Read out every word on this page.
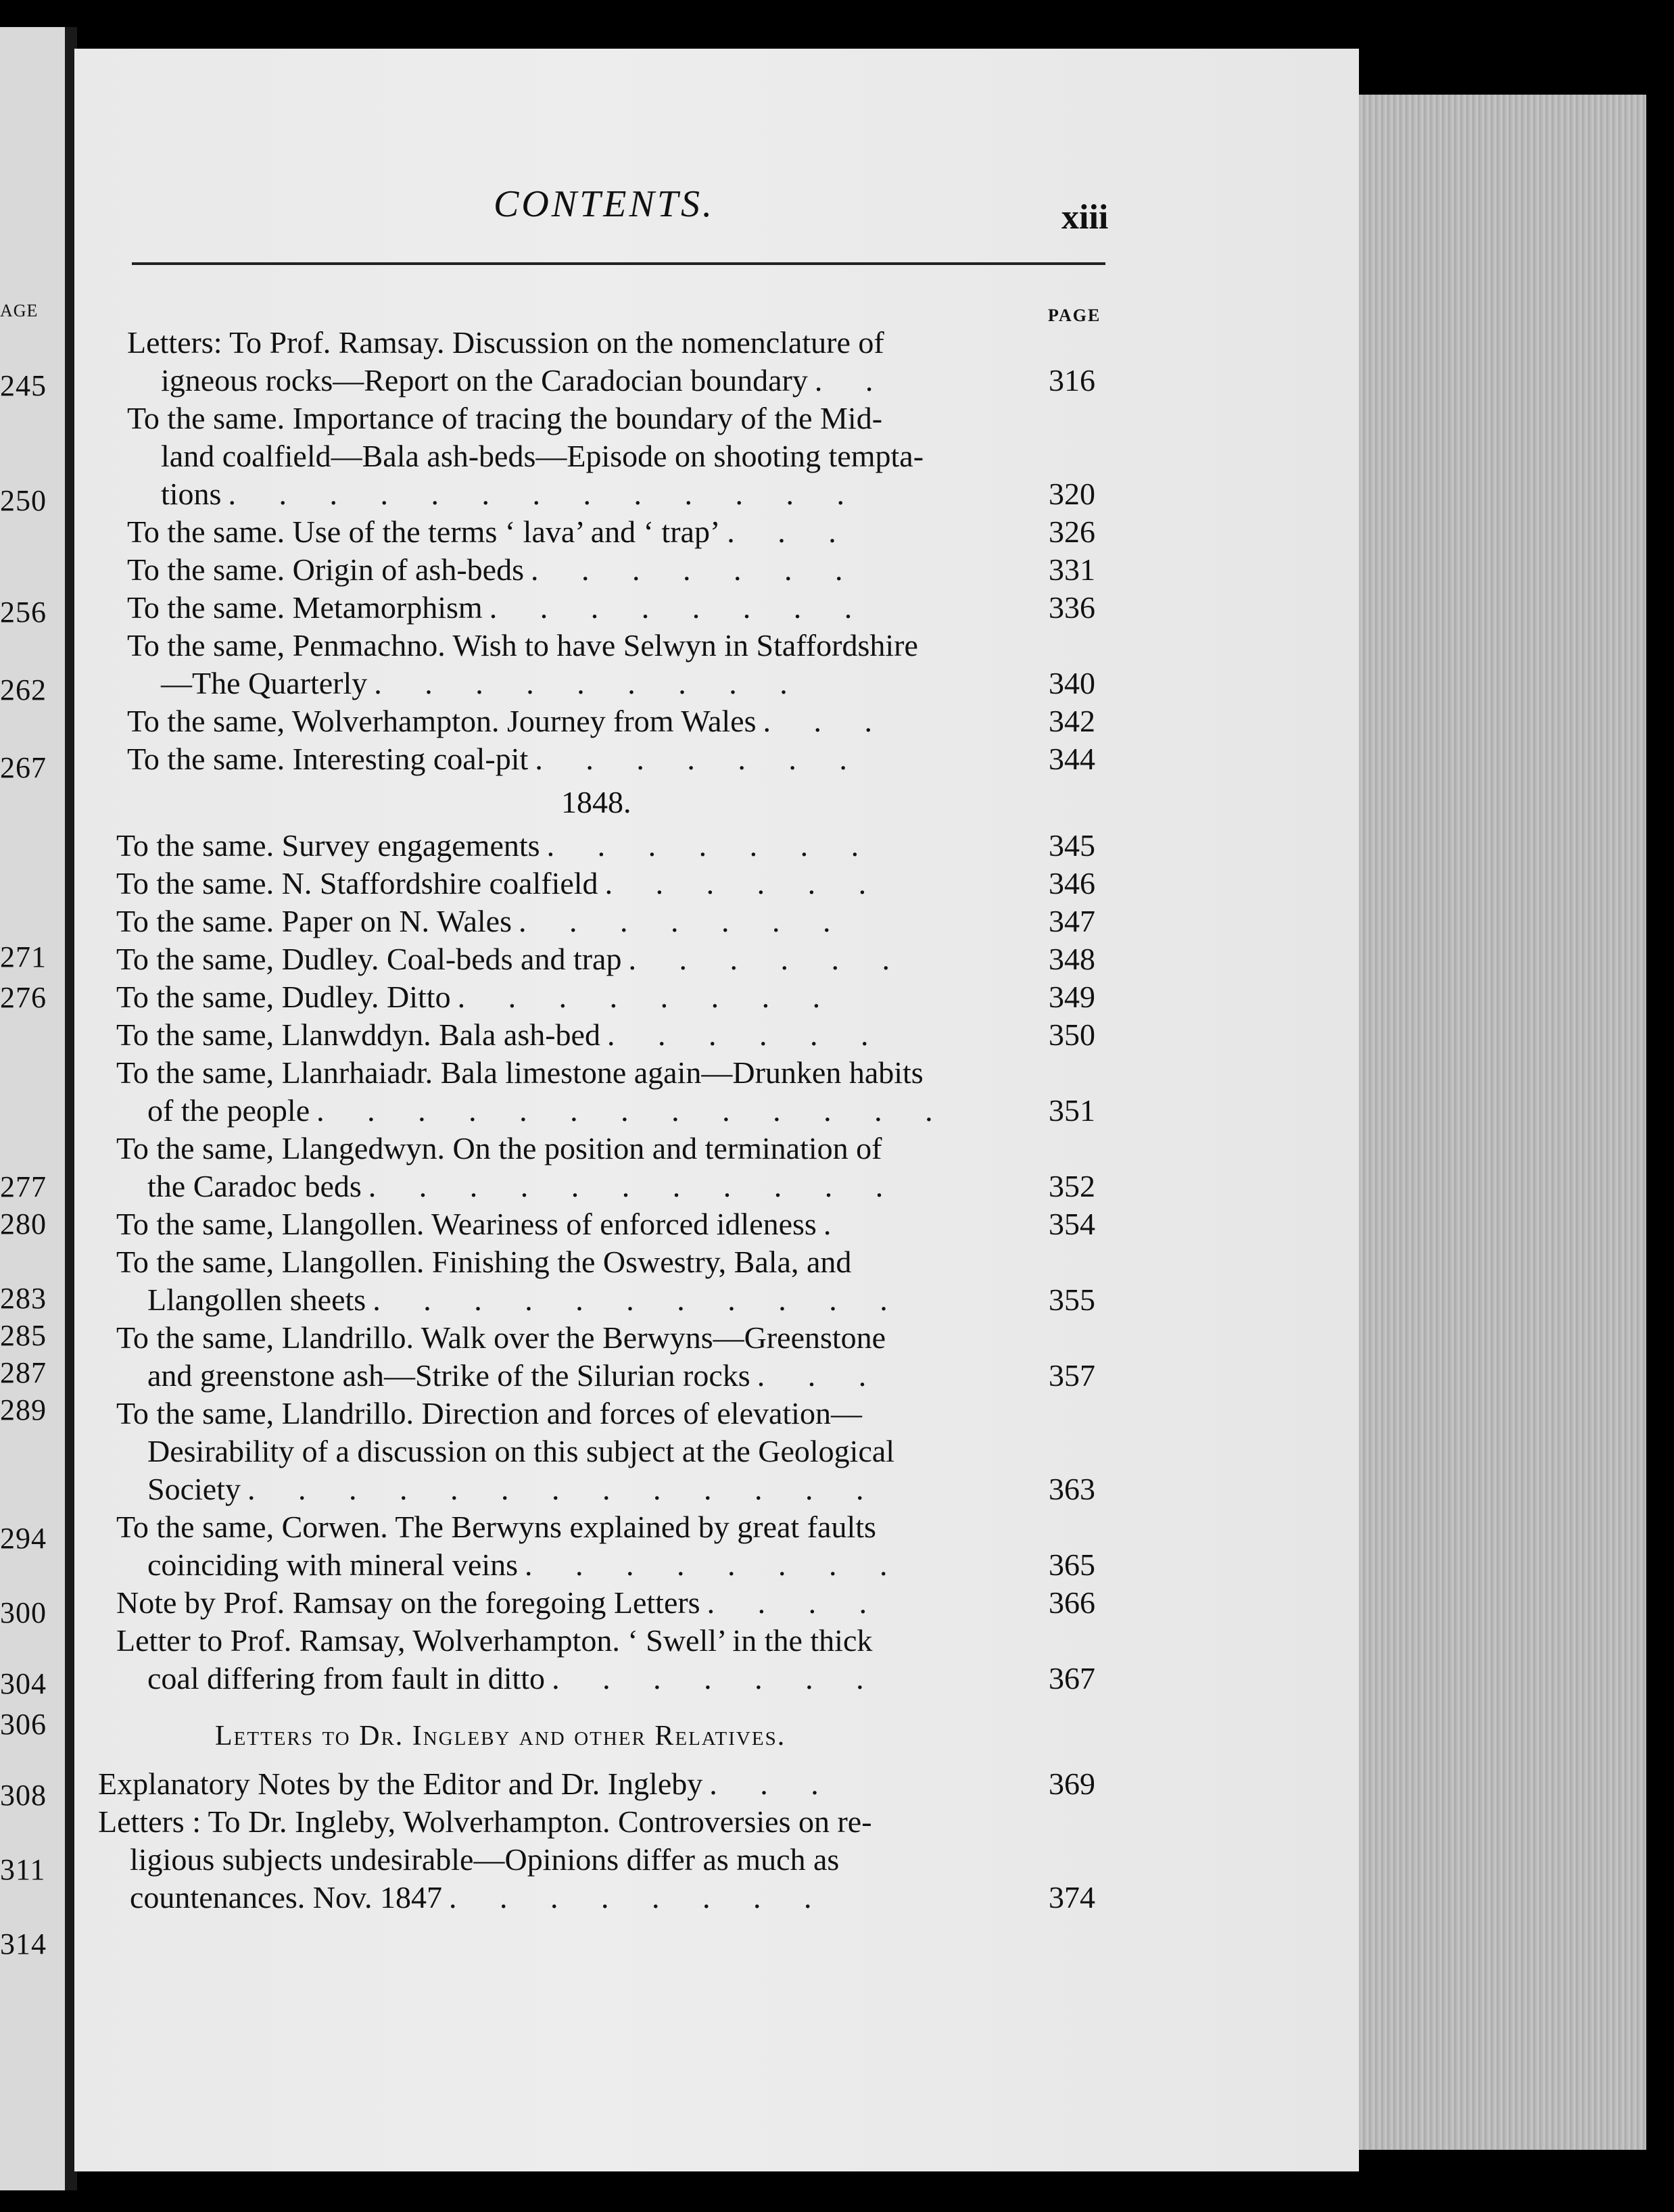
AGE
245
250
256
262
267
271
276
277
280
283
285
287
289
294
300
304
306
308
311
314
CONTENTS.	xiii
PAGE
Letters: To Prof. Ramsay. Discussion on the nomenclature of
igneous rocks—Report on the Caradocian boundary . .	316
To the same. Importance of tracing the boundary of the Mid-
land coalfield—Bala ash-beds—Episode on shooting tempta-
tions . . . . . . . . . . . . .	320
To the same. Use of the terms ‘ lava’ and ‘ trap’ . . .	326
To the same. Origin of ash-beds . . . . . . .	331
To the same. Metamorphism . . . . . . . .	336
To the same, Penmachno. Wish to have Selwyn in Staffordshire
—The Quarterly . . . . . . . . .	340
To the same, Wolverhampton. Journey from Wales . . .	342
To the same. Interesting coal-pit . . . . . . .	344
1848.
To the same. Survey engagements . . . . . . .	345
To the same. N. Staffordshire coalfield . . . . . .	346
To the same. Paper on N. Wales . . . . . . .	347
To the same, Dudley. Coal-beds and trap . . . . . .	348
To the same, Dudley. Ditto . . . . . . . .	349
To the same, Llanwddyn. Bala ash-bed . . . . . .	350
To the same, Llanrhaiadr. Bala limestone again—Drunken habits
of the people . . . . . . . . . . . . .	351
To the same, Llangedwyn. On the position and termination of
the Caradoc beds . . . . . . . . . . .	352
To the same, Llangollen. Weariness of enforced idleness .	354
To the same, Llangollen. Finishing the Oswestry, Bala, and
Llangollen sheets . . . . . . . . . . .	355
To the same, Llandrillo. Walk over the Berwyns—Greenstone
and greenstone ash—Strike of the Silurian rocks . . .	357
To the same, Llandrillo. Direction and forces of elevation—
Desirability of a discussion on this subject at the Geological
Society . . . . . . . . . . . . .	363
To the same, Corwen. The Berwyns explained by great faults
coinciding with mineral veins . . . . . . . .	365
Note by Prof. Ramsay on the foregoing Letters . . . .	366
Letter to Prof. Ramsay, Wolverhampton. ‘ Swell’ in the thick
coal differing from fault in ditto . . . . . . .	367
Letters to Dr. Ingleby and other Relatives.
Explanatory Notes by the Editor and Dr. Ingleby . . .	369
Letters : To Dr. Ingleby, Wolverhampton. Controversies on re-
ligious subjects undesirable—Opinions differ as much as
countenances. Nov. 1847 . . . . . . . .	374
